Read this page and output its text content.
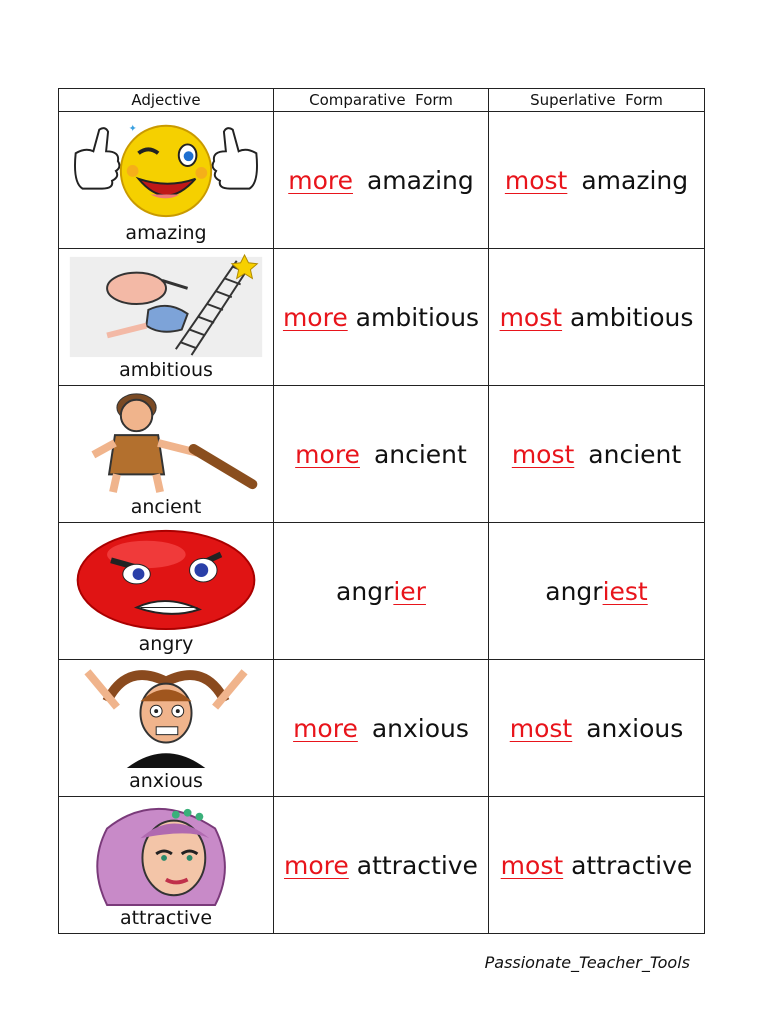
Adjective	Comparative  Form	Superlative  Form

✦
amazing	more amazing	most amazing

ambitious	more ambitious	most ambitious

ancient	more ancient	most ancient

angry	angrier	angriest

anxious	more anxious	most anxious

attractive	more attractive	most attractive
Passionate_Teacher_Tools
